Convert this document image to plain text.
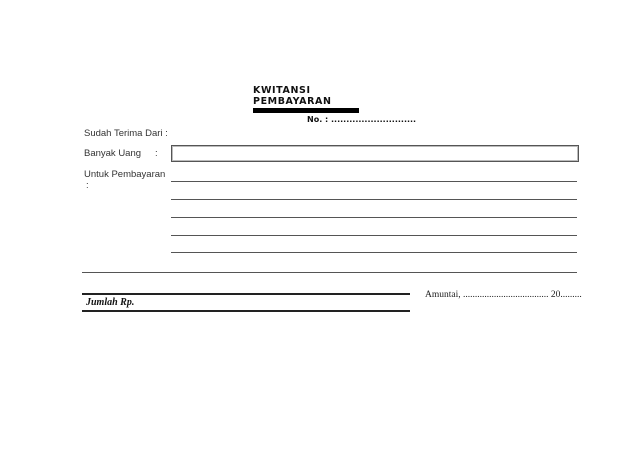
KWITANSI
PEMBAYARAN
No. : ............................
Sudah Terima Dari :
Banyak Uang :
Untuk Pembayaran
:
Jumlah Rp.
Amuntai, .................................... 20.........
